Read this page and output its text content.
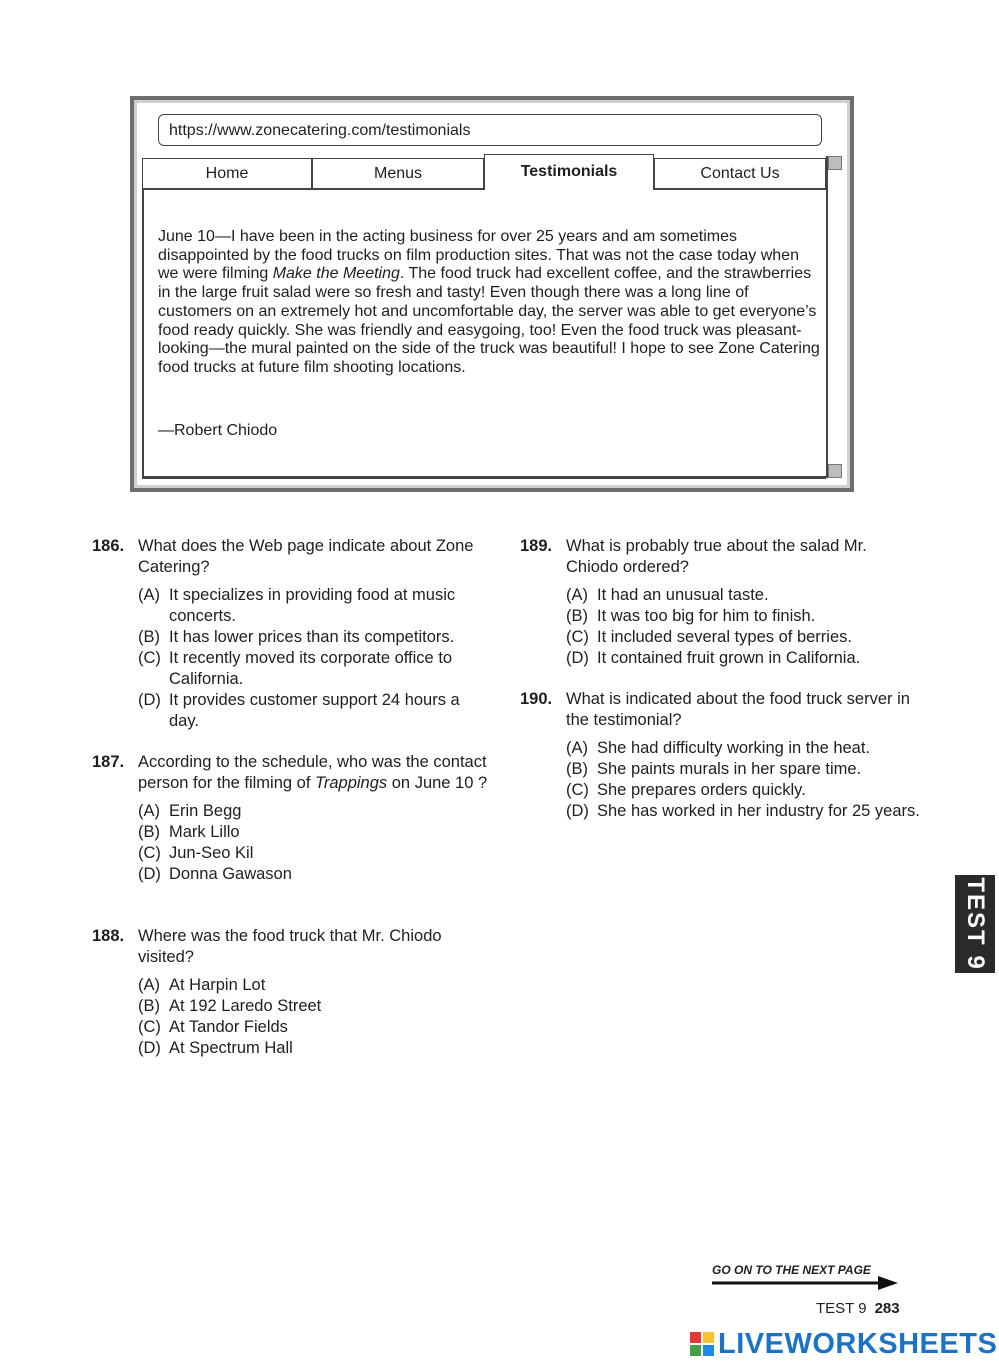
https://www.zonecatering.com/testimonials
Home	Menus	Testimonials	Contact Us
June 10—I have been in the acting business for over 25 years and am sometimes disappointed by the food trucks on film production sites. That was not the case today when we were filming Make the Meeting. The food truck had excellent coffee, and the strawberries in the large fruit salad were so fresh and tasty! Even though there was a long line of customers on an extremely hot and uncomfortable day, the server was able to get everyone’s food ready quickly. She was friendly and easygoing, too! Even the food truck was pleasant-looking—the mural painted on the side of the truck was beautiful! I hope to see Zone Catering food trucks at future film shooting locations.
—Robert Chiodo
186. What does the Web page indicate about Zone Catering?
(A) It specializes in providing food at music concerts.
(B) It has lower prices than its competitors.
(C) It recently moved its corporate office to California.
(D) It provides customer support 24 hours a day.
187. According to the schedule, who was the contact person for the filming of Trappings on June 10 ?
(A) Erin Begg
(B) Mark Lillo
(C) Jun-Seo Kil
(D) Donna Gawason
188. Where was the food truck that Mr. Chiodo visited?
(A) At Harpin Lot
(B) At 192 Laredo Street
(C) At Tandor Fields
(D) At Spectrum Hall
189. What is probably true about the salad Mr. Chiodo ordered?
(A) It had an unusual taste.
(B) It was too big for him to finish.
(C) It included several types of berries.
(D) It contained fruit grown in California.
190. What is indicated about the food truck server in the testimonial?
(A) She had difficulty working in the heat.
(B) She paints murals in her spare time.
(C) She prepares orders quickly.
(D) She has worked in her industry for 25 years.
TEST 9
GO ON TO THE NEXT PAGE
TEST 9 283
LIVEWORKSHEETS
